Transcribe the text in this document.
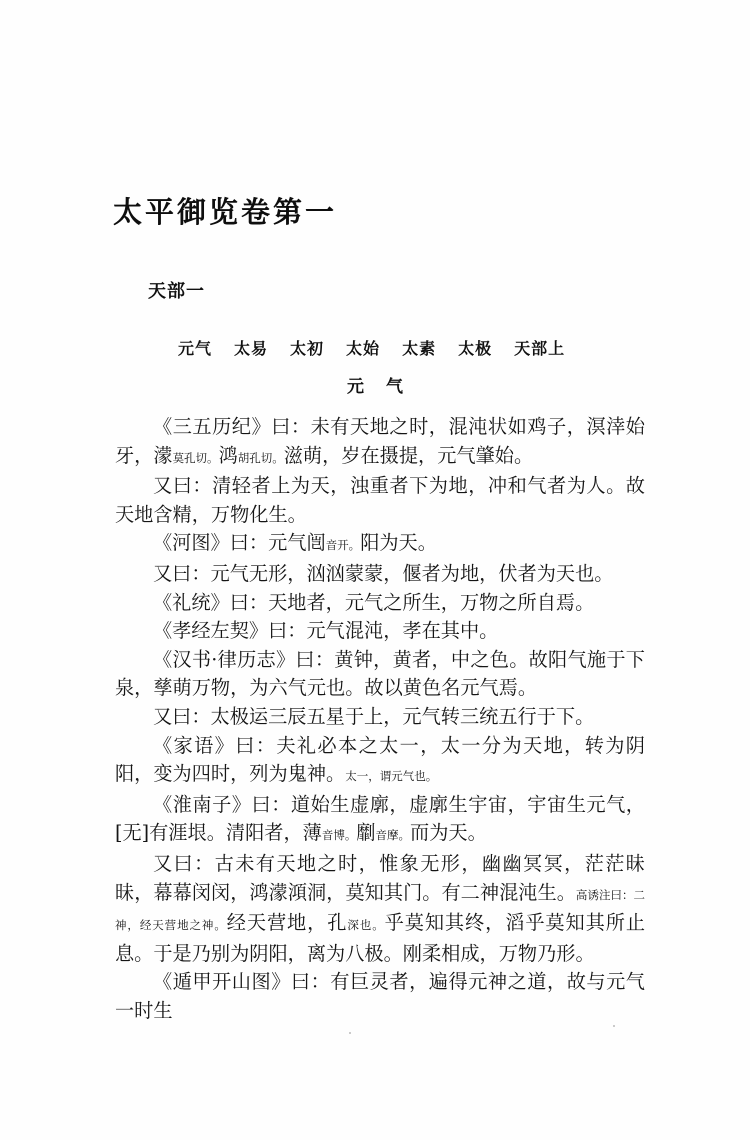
太平御览卷第一
天部一
元气 太易 太初 太始 太素 太极 天部上
元气

《三五历纪》曰：未有天地之时，混沌状如鸡子，溟涬始牙，濛莫孔切。鸿胡孔切。滋萌，岁在摄提，元气肇始。

又曰：清轻者上为天，浊重者下为地，冲和气者为人。故天地含精，万物化生。

《河图》曰：元气闿音开。阳为天。

又曰：元气无形，汹汹蒙蒙，偃者为地，伏者为天也。

《礼统》曰：天地者，元气之所生，万物之所自焉。

《孝经左契》曰：元气混沌，孝在其中。

《汉书·律历志》曰：黄钟，黄者，中之色。故阳气施于下泉，孳萌万物，为六气元也。故以黄色名元气焉。

又曰：太极运三辰五星于上，元气转三统五行于下。

《家语》曰：夫礼必本之太一，太一分为天地，转为阴阳，变为四时，列为鬼神。太一，谓元气也。

《淮南子》曰：道始生虚廓，虚廓生宇宙，宇宙生元气，[无]有涯垠。清阳者，薄音博。劘音摩。而为天。

又曰：古未有天地之时，惟象无形，幽幽冥冥，茫茫昧昧，幕幕闵闵，鸿濛澒洞，莫知其门。有二神混沌生。高诱注曰：二神，经天营地之神。经天营地，孔深也。乎莫知其终，滔乎莫知其所止息。于是乃别为阴阳，离为八极。刚柔相成，万物乃形。

《遁甲开山图》曰：有巨灵者，遍得元神之道，故与元气一时生
